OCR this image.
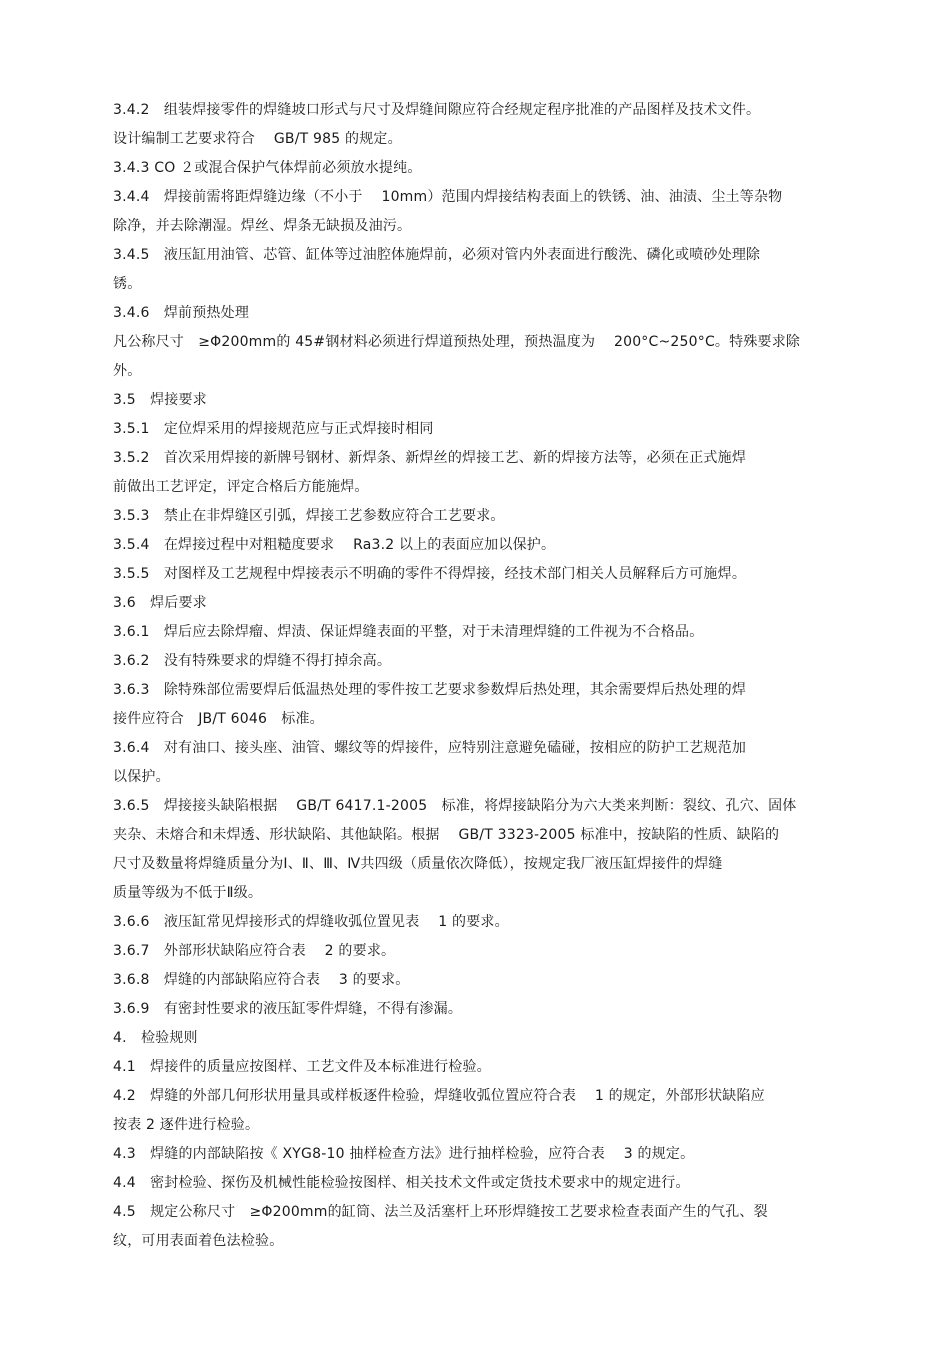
3.4.2　组装焊接零件的焊缝坡口形式与尺寸及焊缝间隙应符合经规定程序批准的产品图样及技术文件。
设计编制工艺要求符合　 GB/T 985 的规定。
3.4.3 CO ２或混合保护气体焊前必须放水提纯。
3.4.4　焊接前需将距焊缝边缘（不小于　 10mm）范围内焊接结构表面上的铁锈、油、油渍、尘土等杂物
除净，并去除潮湿。焊丝、焊条无缺损及油污。
3.4.5　液压缸用油管、芯管、缸体等过油腔体施焊前，必须对管内外表面进行酸洗、磷化或喷砂处理除
锈。
3.4.6　焊前预热处理
凡公称尺寸　≥Φ200mm的 45#钢材料必须进行焊道预热处理，预热温度为　 200°C~250°C。特殊要求除
外。
3.5　焊接要求
3.5.1　定位焊采用的焊接规范应与正式焊接时相同
3.5.2　首次采用焊接的新牌号钢材、新焊条、新焊丝的焊接工艺、新的焊接方法等，必须在正式施焊
前做出工艺评定，评定合格后方能施焊。
3.5.3　禁止在非焊缝区引弧，焊接工艺参数应符合工艺要求。
3.5.4　在焊接过程中对粗糙度要求　 Ra3.2 以上的表面应加以保护。
3.5.5　对图样及工艺规程中焊接表示不明确的零件不得焊接，经技术部门相关人员解释后方可施焊。
3.6　焊后要求
3.6.1　焊后应去除焊瘤、焊渍、保证焊缝表面的平整，对于未清理焊缝的工件视为不合格品。
3.6.2　没有特殊要求的焊缝不得打掉余高。
3.6.3　除特殊部位需要焊后低温热处理的零件按工艺要求参数焊后热处理，其余需要焊后热处理的焊
接件应符合　JB/T 6046　标准。
3.6.4　对有油口、接头座、油管、螺纹等的焊接件，应特别注意避免磕碰，按相应的防护工艺规范加
以保护。
3.6.5　焊接接头缺陷根据　 GB/T 6417.1-2005　标准，将焊接缺陷分为六大类来判断：裂纹、孔穴、固体
夹杂、未熔合和未焊透、形状缺陷、其他缺陷。根据　 GB/T 3323-2005 标准中，按缺陷的性质、缺陷的
尺寸及数量将焊缝质量分为Ⅰ、Ⅱ、Ⅲ、Ⅳ共四级（质量依次降低），按规定我厂液压缸焊接件的焊缝
质量等级为不低于Ⅱ级。
3.6.6　液压缸常见焊接形式的焊缝收弧位置见表　 1 的要求。
3.6.7　外部形状缺陷应符合表　 2 的要求。
3.6.8　焊缝的内部缺陷应符合表　 3 的要求。
3.6.9　有密封性要求的液压缸零件焊缝，不得有渗漏。
4.　检验规则
4.1　焊接件的质量应按图样、工艺文件及本标准进行检验。
4.2　焊缝的外部几何形状用量具或样板逐件检验，焊缝收弧位置应符合表　 1 的规定，外部形状缺陷应
按表 2 逐件进行检验。
4.3　焊缝的内部缺陷按《 XYG8-10 抽样检查方法》进行抽样检验，应符合表　 3 的规定。
4.4　密封检验、探伤及机械性能检验按图样、相关技术文件或定货技术要求中的规定进行。
4.5　规定公称尺寸　≥Φ200mm的缸筒、法兰及活塞杆上环形焊缝按工艺要求检查表面产生的气孔、裂
纹，可用表面着色法检验。
